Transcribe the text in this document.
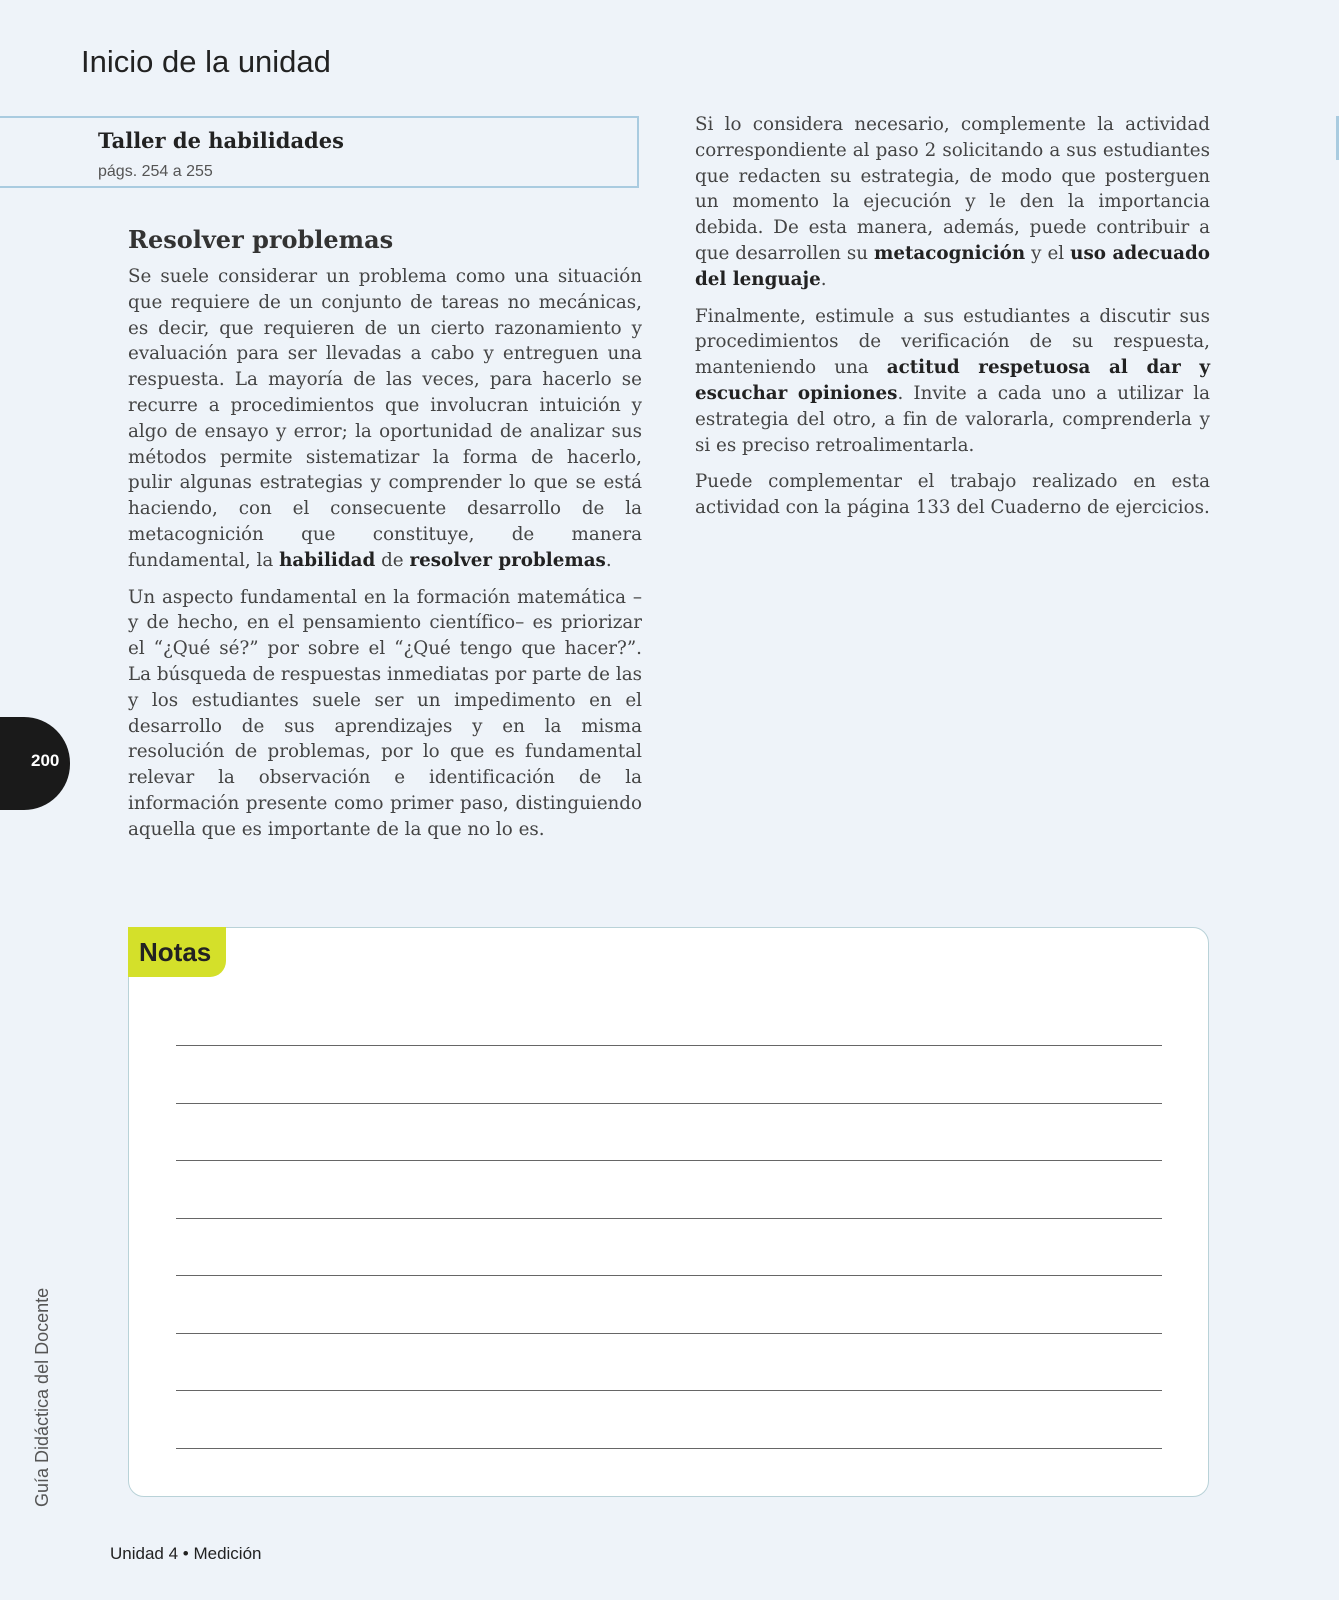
Inicio de la unidad
Taller de habilidades
págs. 254 a 255
Resolver problemas

Se suele considerar un problema como una situación que requiere de un conjunto de tareas no mecánicas, es decir, que requieren de un cierto razonamiento y evaluación para ser llevadas a cabo y entreguen una respuesta. La mayoría de las veces, para hacerlo se recurre a procedimientos que involucran intuición y algo de ensayo y error; la oportunidad de analizar sus métodos permite sistematizar la forma de hacerlo, pulir algunas estrategias y comprender lo que se está haciendo, con el consecuente desarrollo de la metacognición que constituye, de manera fundamental, la habilidad de resolver problemas.

Un aspecto fundamental en la formación matemática –y de hecho, en el pensamiento científico– es priorizar el “¿Qué sé?” por sobre el “¿Qué tengo que hacer?”. La búsqueda de respuestas inmediatas por parte de las y los estudiantes suele ser un impedimento en el desarrollo de sus aprendizajes y en la misma resolución de problemas, por lo que es fundamental relevar la observación e identificación de la información presente como primer paso, distinguiendo aquella que es importante de la que no lo es.

Si lo considera necesario, complemente la actividad correspondiente al paso 2 solicitando a sus estudiantes que redacten su estrategia, de modo que posterguen un momento la ejecución y le den la importancia debida. De esta manera, además, puede contribuir a que desarrollen su metacognición y el uso adecuado del lenguaje.

Finalmente, estimule a sus estudiantes a discutir sus procedimientos de verificación de su respuesta, manteniendo una actitud respetuosa al dar y escuchar opiniones. Invite a cada uno a utilizar la estrategia del otro, a fin de valorarla, comprenderla y si es preciso retroalimentarla.

Puede complementar el trabajo realizado en esta actividad con la página 133 del Cuaderno de ejercicios.

200
Guía Didáctica del Docente
Notas
Unidad 4 • Medición
